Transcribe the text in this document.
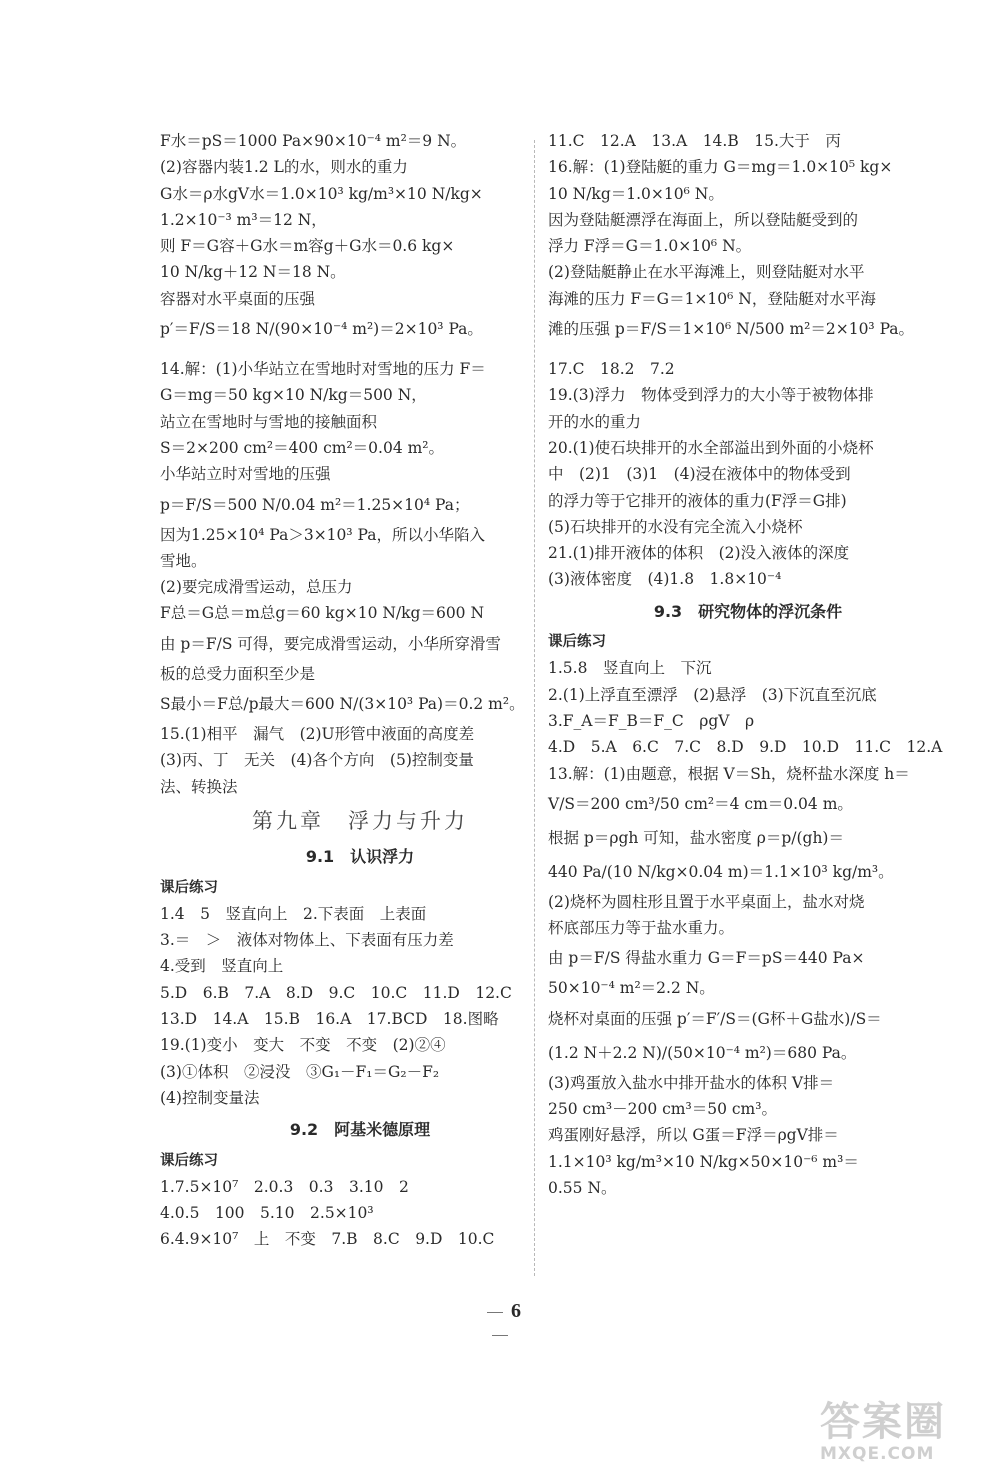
F水＝pS＝1000 Pa×90×10⁻⁴ m²＝9 N。
(2)容器内装1.2 L的水，则水的重力
G水＝ρ水gV水＝1.0×10³ kg/m³×10 N/kg×
1.2×10⁻³ m³＝12 N，
则 F＝G容＋G水＝m容g＋G水＝0.6 kg×
10 N/kg＋12 N＝18 N。
容器对水平桌面的压强
p′＝F/S＝18 N/(90×10⁻⁴ m²)＝2×10³ Pa。
14.解：(1)小华站立在雪地时对雪地的压力 F＝
G＝mg＝50 kg×10 N/kg＝500 N，
站立在雪地时与雪地的接触面积
S＝2×200 cm²＝400 cm²＝0.04 m²。
小华站立时对雪地的压强
p＝F/S＝500 N/0.04 m²＝1.25×10⁴ Pa；
因为1.25×10⁴ Pa＞3×10³ Pa，所以小华陷入
雪地。
(2)要完成滑雪运动，总压力
F总＝G总＝m总g＝60 kg×10 N/kg＝600 N
由 p＝F/S 可得，要完成滑雪运动，小华所穿滑雪
板的总受力面积至少是
S最小＝F总/p最大＝600 N/(3×10³ Pa)＝0.2 m²。
15.(1)相平　漏气　(2)U形管中液面的高度差
(3)丙、丁　无关　(4)各个方向　(5)控制变量
法、转换法
第九章　浮力与升力
9.1　认识浮力
课后练习
1.4　5　竖直向上　2.下表面　上表面
3.＝　＞　液体对物体上、下表面有压力差
4.受到　竖直向上
5.D　6.B　7.A　8.D　9.C　10.C　11.D　12.C
13.D　14.A　15.B　16.A　17.BCD　18.图略
19.(1)变小　变大　不变　不变　(2)②④
(3)①体积　②浸没　③G₁－F₁＝G₂－F₂
(4)控制变量法
9.2　阿基米德原理
课后练习
1.7.5×10⁷　2.0.3　0.3　3.10　2
4.0.5　100　5.10　2.5×10³
6.4.9×10⁷　上　不变　7.B　8.C　9.D　10.C
11.C　12.A　13.A　14.B　15.大于　丙
16.解：(1)登陆艇的重力 G＝mg＝1.0×10⁵ kg×
10 N/kg＝1.0×10⁶ N。
因为登陆艇漂浮在海面上，所以登陆艇受到的
浮力 F浮＝G＝1.0×10⁶ N。
(2)登陆艇静止在水平海滩上，则登陆艇对水平
海滩的压力 F＝G＝1×10⁶ N，登陆艇对水平海
滩的压强 p＝F/S＝1×10⁶ N/500 m²＝2×10³ Pa。
17.C　18.2　7.2
19.(3)浮力　物体受到浮力的大小等于被物体排
开的水的重力
20.(1)使石块排开的水全部溢出到外面的小烧杯
中　(2)1　(3)1　(4)浸在液体中的物体受到
的浮力等于它排开的液体的重力(F浮＝G排)
(5)石块排开的水没有完全流入小烧杯
21.(1)排开液体的体积　(2)没入液体的深度
(3)液体密度　(4)1.8　1.8×10⁻⁴
9.3　研究物体的浮沉条件
课后练习
1.5.8　竖直向上　下沉
2.(1)上浮直至漂浮　(2)悬浮　(3)下沉直至沉底
3.F_A＝F_B＝F_C　ρgV　ρ
4.D　5.A　6.C　7.C　8.D　9.D　10.D　11.C　12.A
13.解：(1)由题意，根据 V＝Sh，烧杯盐水深度 h＝
V/S＝200 cm³/50 cm²＝4 cm＝0.04 m。
根据 p＝ρgh 可知，盐水密度 ρ＝p/(gh)＝
440 Pa/(10 N/kg×0.04 m)＝1.1×10³ kg/m³。
(2)烧杯为圆柱形且置于水平桌面上，盐水对烧
杯底部压力等于盐水重力。
由 p＝F/S 得盐水重力 G＝F＝pS＝440 Pa×
50×10⁻⁴ m²＝2.2 N。
烧杯对桌面的压强 p′＝F′/S＝(G杯＋G盐水)/S＝
(1.2 N＋2.2 N)/(50×10⁻⁴ m²)＝680 Pa。
(3)鸡蛋放入盐水中排开盐水的体积 V排＝
250 cm³－200 cm³＝50 cm³。
鸡蛋刚好悬浮，所以 G蛋＝F浮＝ρgV排＝
1.1×10³ kg/m³×10 N/kg×50×10⁻⁶ m³＝
0.55 N。
6
答案圈
MXQE.COM
